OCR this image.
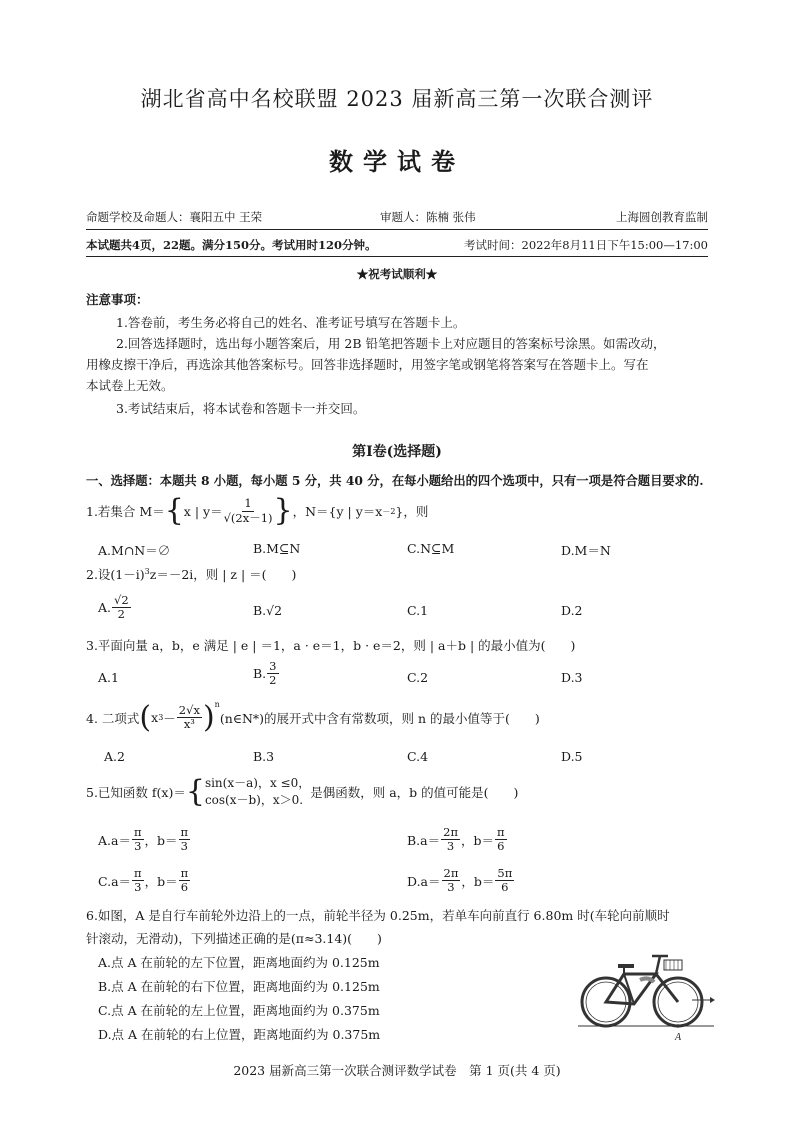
湖北省高中名校联盟 2023 届新高三第一次联合测评
数学试卷
命题学校及命题人：襄阳五中 王荣	审题人：陈楠 张伟	上海圆创教育监制
本试题共4页，22题。满分150分。考试用时120分钟。	考试时间：2022年8月11日下午15:00—17:00
★祝考试顺利★
注意事项：
1.答卷前，考生务必将自己的姓名、准考证号填写在答题卡上。
2.回答选择题时，选出每小题答案后，用 2B 铅笔把答题卡上对应题目的答案标号涂黑。如需改动，
用橡皮擦干净后，再选涂其他答案标号。回答非选择题时，用签字笔或钢笔将答案写在答题卡上。写在
本试卷上无效。
3.考试结束后，将本试卷和答题卡一并交回。
第Ⅰ卷(选择题)
一、选择题：本题共 8 小题，每小题 5 分，共 40 分，在每小题给出的四个选项中，只有一项是符合题目要求的.
1.若集合 M＝ { x | $y= \frac{1}{√(2x-1)}$ } ，N＝{y | y＝x －2 }，则
A.M∩N＝∅	B.M⊆N	C.N⊆M	D.M＝N
2.设$(1-i)^3z=-2i$，则 | z | ＝(　　)
A. $\frac{√2}{2}$	B.√2	C.1	D.2
3.平面向量 a，b，e 满足 | e | ＝1，a · e＝1，b · e＝2，则 | a＋b | 的最小值为(　　)
A.1	B. $\frac{3}{2}$	C.2	D.3
4. 二项式 ( x $3 - \frac{2√x}{\text{x³}} )^n$
(n∈N*)的展开式中含有常数项，则 n 的最小值等于(　　)
A.2	B.3	C.4	D.5
5.已知函数 f(x)＝ { sin(x－a)，x ≤0，
cos(x－b)，x＞0. 是偶函数，则 a，b 的值可能是(　　)
$A.a= \frac{\pi}{3}$ ，$b= \frac{\pi}{3}$	$B.a= \frac{2\pi}{3}$ ，$b= \frac{\pi}{6}$
$C.a= \frac{\pi}{3}$ ，$b= \frac{\pi}{6}$	$D.a= \frac{2\pi}{3}$ ，$b= \frac{5\pi}{6}$
6.如图，A 是自行车前轮外边沿上的一点，前轮半径为 0.25m，若单车向前直行 6.80m 时(车轮向前顺时
针滚动，无滑动)，下列描述正确的是(π≈3.14)(　　)
A.点 A 在前轮的左下位置，距离地面约为 0.125m
B.点 A 在前轮的右下位置，距离地面约为 0.125m
C.点 A 在前轮的左上位置，距离地面约为 0.375m
D.点 A 在前轮的右上位置，距离地面约为 0.375m	A
2023 届新高三第一次联合测评数学试卷　第 1 页(共 4 页)
